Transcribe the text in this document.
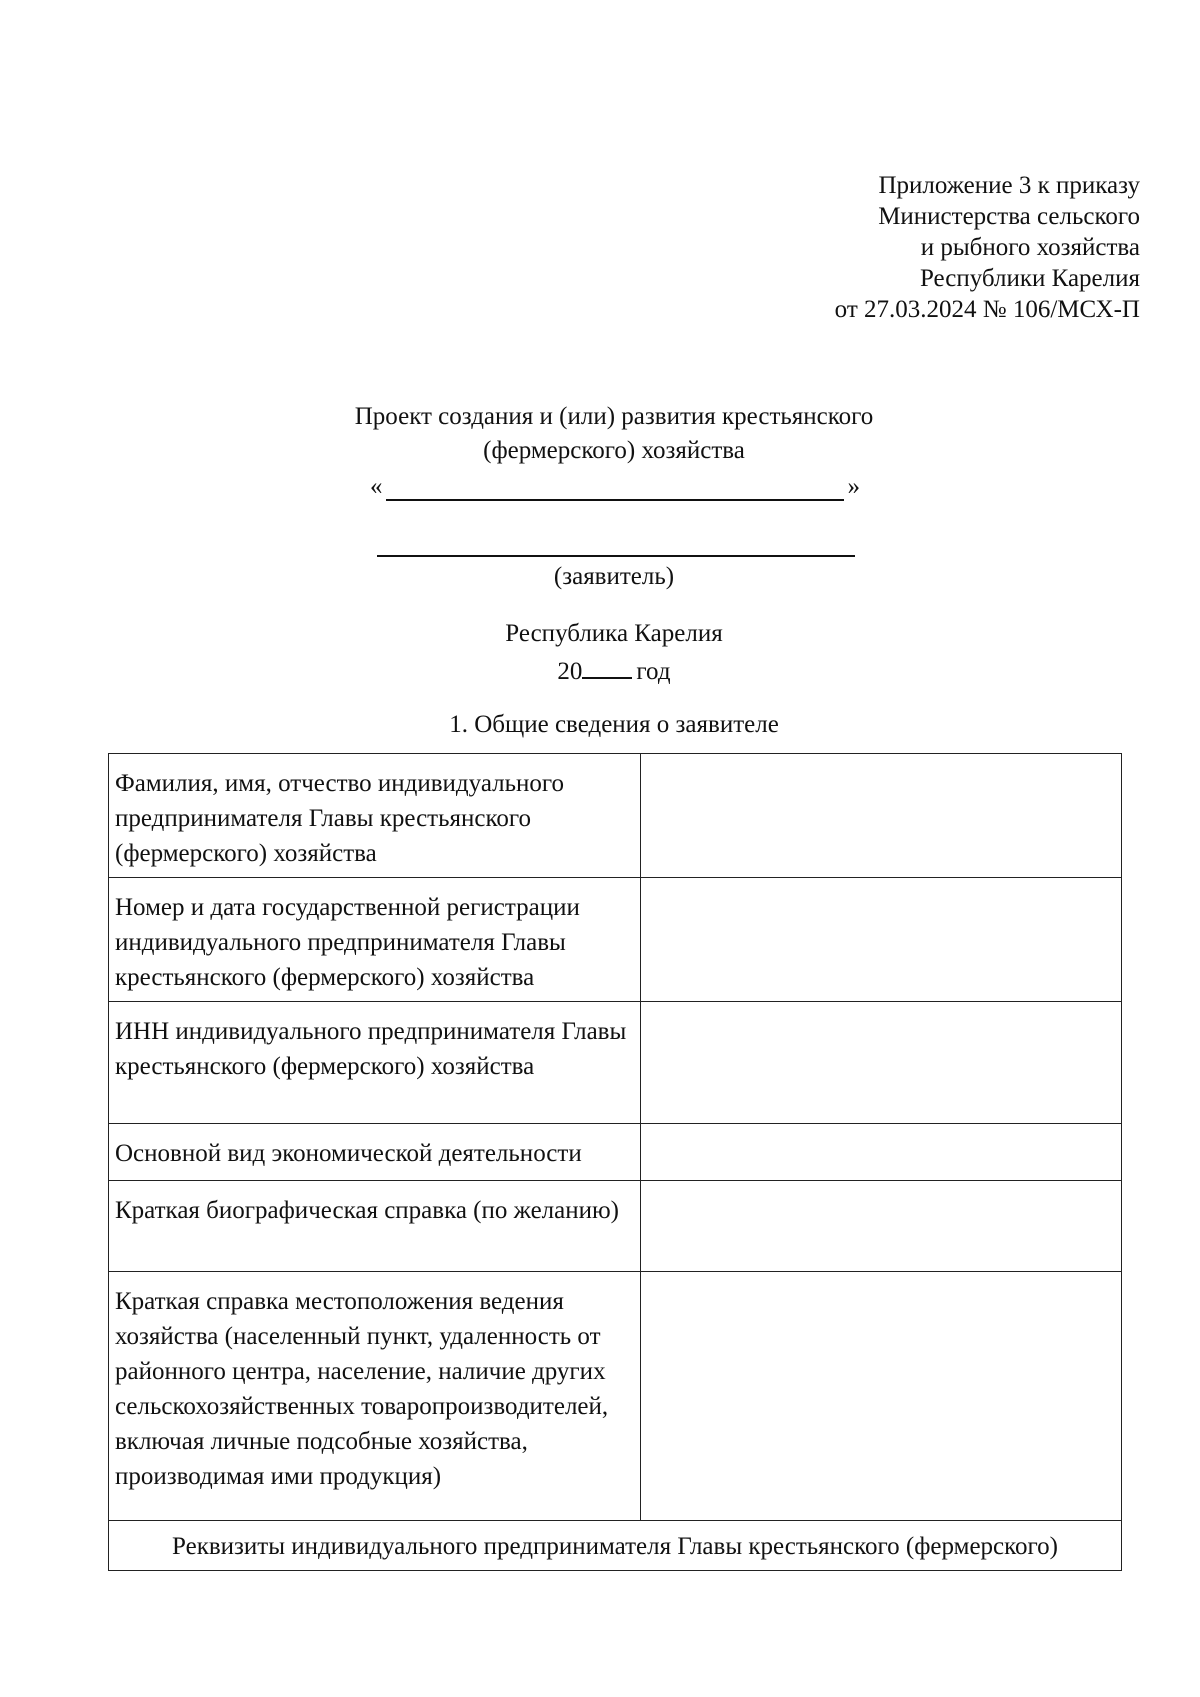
Приложение 3 к приказу
Министерства сельского
и рыбного хозяйства
Республики Карелия
от 27.03.2024 № 106/МСХ-П
Проект создания и (или) развития крестьянского
(фермерского) хозяйства
«	»
(заявитель)
Республика Карелия
20 год
1. Общие сведения о заявителе
Фамилия, имя, отчество индивидуального предпринимателя Главы крестьянского (фермерского) хозяйства	
Номер и дата государственной регистрации индивидуального предпринимателя Главы крестьянского (фермерского) хозяйства	
ИНН индивидуального предпринимателя Главы крестьянского (фермерского) хозяйства	
Основной вид экономической деятельности	
Краткая биографическая справка (по желанию)	
Краткая справка местоположения ведения хозяйства (населенный пункт, удаленность от районного центра, население, наличие других сельскохозяйственных товаропроизводителей, включая личные подсобные хозяйства, производимая ими продукция)	
Реквизиты индивидуального предпринимателя Главы крестьянского (фермерского)	
